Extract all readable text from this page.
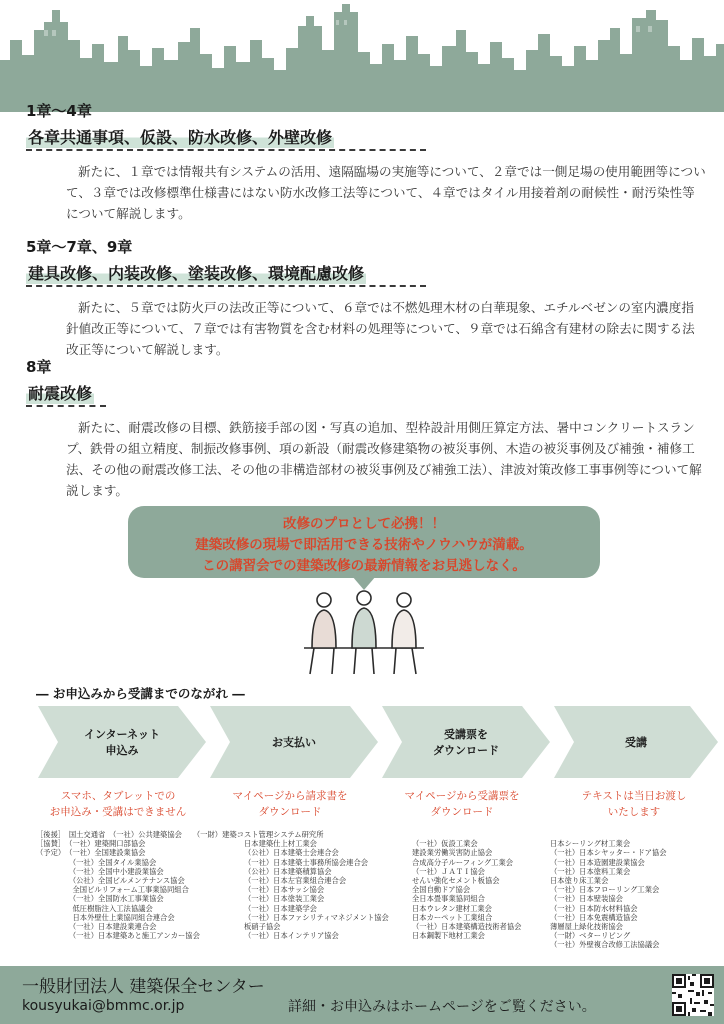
1章〜4章
各章共通事項、仮設、防水改修、外壁改修
新たに、１章では情報共有システムの活用、遠隔臨場の実施等について、２章では一側足場の使用範囲等について、３章では改修標準仕様書にはない防水改修工法等について、４章ではタイル用接着剤の耐候性・耐汚染性等について解説します。
5章〜7章、9章
建具改修、内装改修、塗装改修、環境配慮改修
新たに、５章では防火戸の法改正等について、６章では不燃処理木材の白華現象、エチルベゼンの室内濃度指針値改正等について、７章では有害物質を含む材料の処理等について、９章では石綿含有建材の除去に関する法改正等について解説します。
8章
耐震改修
新たに、耐震改修の目標、鉄筋接手部の図・写真の追加、型枠設計用側圧算定方法、暑中コンクリートスランプ、鉄骨の組立精度、制振改修事例、項の新設（耐震改修建築物の被災事例、木造の被災事例及び補強・補修工法、その他の耐震改修工法、その他の非構造部材の被災事例及び補強工法）、津波対策改修工事事例等について解説します。
改修のプロとして必携！！
建築改修の現場で即活用できる技術やノウハウが満載。
この講習会での建築改修の最新情報をお見逃しなく。
― お申込みから受講までのながれ ―
インターネット
申込み
お支払い
受講票を
ダウンロード
受講
スマホ、タブレットでの
お申込み・受講はできません
マイページから請求書を
ダウンロード
マイページから受講票を
ダウンロード
テキストは当日お渡し
いたします
［後援］　国土交通省　（一社）公共建築協会　　（一財）建築コスト管理システム研究所
［協賛］　（一社）建築開口部協会
（予定）　（一社）全国建設業協会
　　　　　（一社）全国タイル業協会
　　　　　（一社）全国中小建設業協会
　　　　　（公社）全国ビルメンテナンス協会
　　　　　全国ビルリフォーム工事業協同組合
　　　　　（一社）全国防水工事業協会
　　　　　低圧樹脂注入工法協議会
　　　　　日本外壁仕上業協同組合連合会
　　　　　（一社）日本建設業連合会
　　　　　（一社）日本建築あと施工アンカー協会

日本建築仕上材工業会
（公社）日本建築士会連合会
（一社）日本建築士事務所協会連合会
（公社）日本建築積算協会
（一社）日本左官業組合連合会
（一社）日本サッシ協会
（一社）日本塗装工業会
（一社）日本建築学会
（一社）日本ファシリティマネジメント協会
板硝子協会
（一社）日本インテリア協会

（一社）仮設工業会
建設業労働災害防止協会
合成高分子ルーフィング工業会
（一社）ＪＡＴＩ協会
せんい強化セメント板協会
全国自動ドア協会
全日本畳事業協同組合
日本ウレタン建材工業会
日本カーペット工業組合
（一社）日本建築構造技術者協会
日本鋼製下地材工業会

日本シーリング材工業会
（一社）日本シヤッター・ドア協会
（一社）日本造園建設業協会
（一社）日本塗料工業会
日本塗り床工業会
（一社）日本フローリング工業会
（一社）日本壁装協会
（一社）日本防水材料協会
（一社）日本免震構造協会
薄層屋上緑化技術協会
（一財）ベターリビング
（一社）外壁複合改修工法協議会
一般財団法人 建築保全センター
kousyukai@bmmc.or.jp	詳細・お申込みはホームページをご覧ください。
